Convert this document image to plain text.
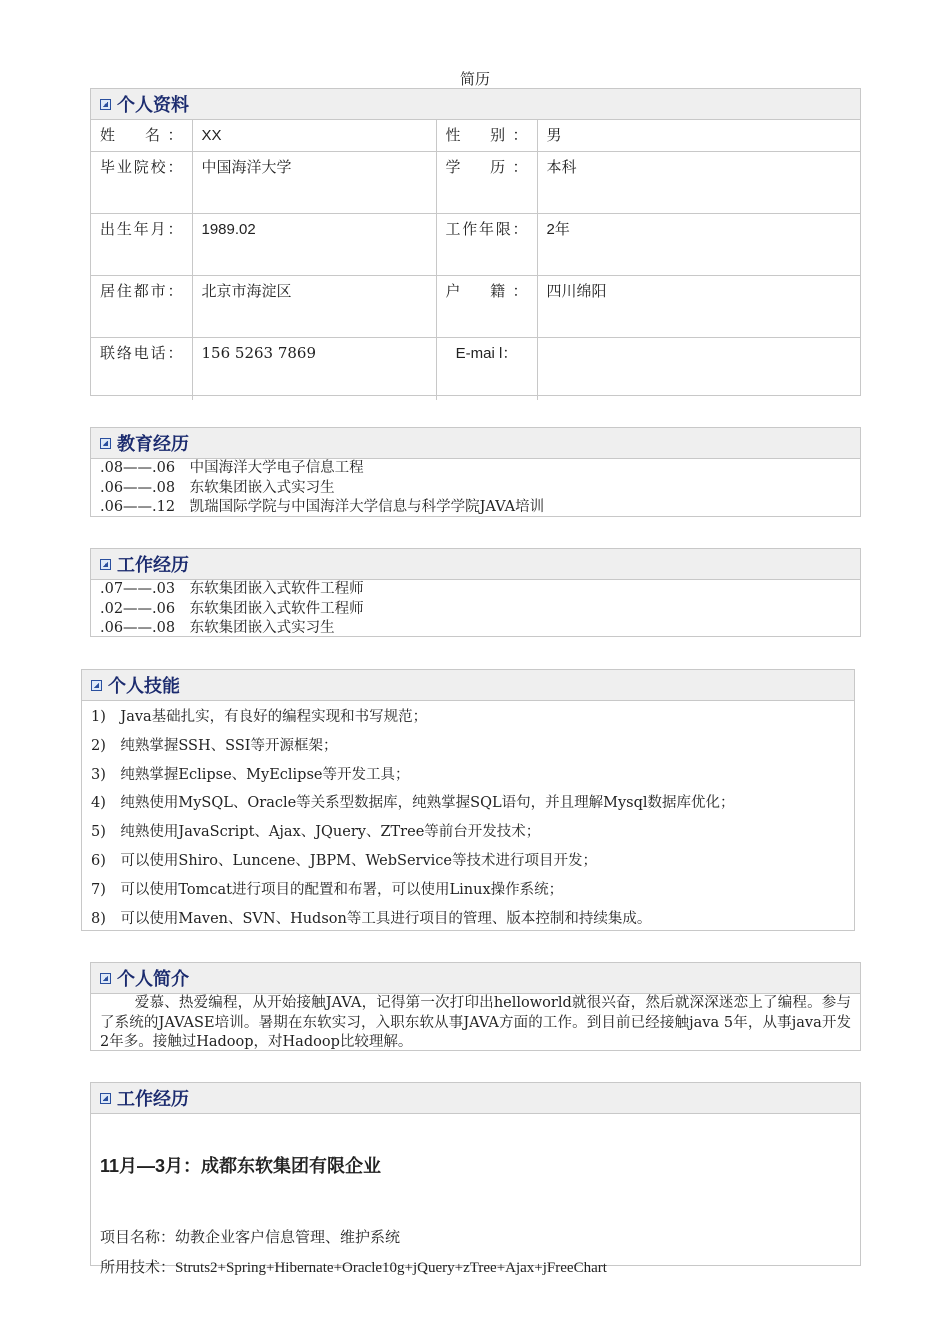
简历
个人资料
姓　名：	XX	性　别：	男
毕业院校：	中国海洋大学	学　历：	本科
出生年月：	1989.02	工作年限：	2年
居住都市：	北京市海淀区	户　籍：	四川绵阳
联络电话：	156 5263 7869	E-mai l：	
教育经历
.08——.06　中国海洋大学电子信息工程
.06——.08　东软集团嵌入式实习生
.06——.12　凯瑞国际学院与中国海洋大学信息与科学学院JAVA培训
工作经历
.07——.03　东软集团嵌入式软件工程师
.02——.06　东软集团嵌入式软件工程师
.06——.08　东软集团嵌入式实习生
个人技能
1)　Java基础扎实，有良好的编程实现和书写规范；
2)　纯熟掌握SSH、SSI等开源框架；
3)　纯熟掌握Eclipse、MyEclipse等开发工具；
4)　纯熟使用MySQL、Oracle等关系型数据库，纯熟掌握SQL语句，并且理解Mysql数据库优化；
5)　纯熟使用JavaScript、Ajax、JQuery、ZTree等前台开发技术；
6)　可以使用Shiro、Luncene、JBPM、WebService等技术进行项目开发；
7)　可以使用Tomcat进行项目的配置和布署，可以使用Linux操作系统；
8)　可以使用Maven、SVN、Hudson等工具进行项目的管理、版本控制和持续集成。
个人简介
爱慕、热爱编程，从开始接触JAVA，记得第一次打印出helloworld就很兴奋，然后就深深迷恋上了编程。参与了系统的JAVASE培训。暑期在东软实习，入职东软从事JAVA方面的工作。到目前已经接触java 5年，从事java开发2年多。接触过Hadoop，对Hadoop比较理解。
工作经历
11月—3月：成都东软集团有限企业
项目名称：幼教企业客户信息管理、维护系统
所用技术：Struts2+Spring+Hibernate+Oracle10g+jQuery+zTree+Ajax+jFreeChart
